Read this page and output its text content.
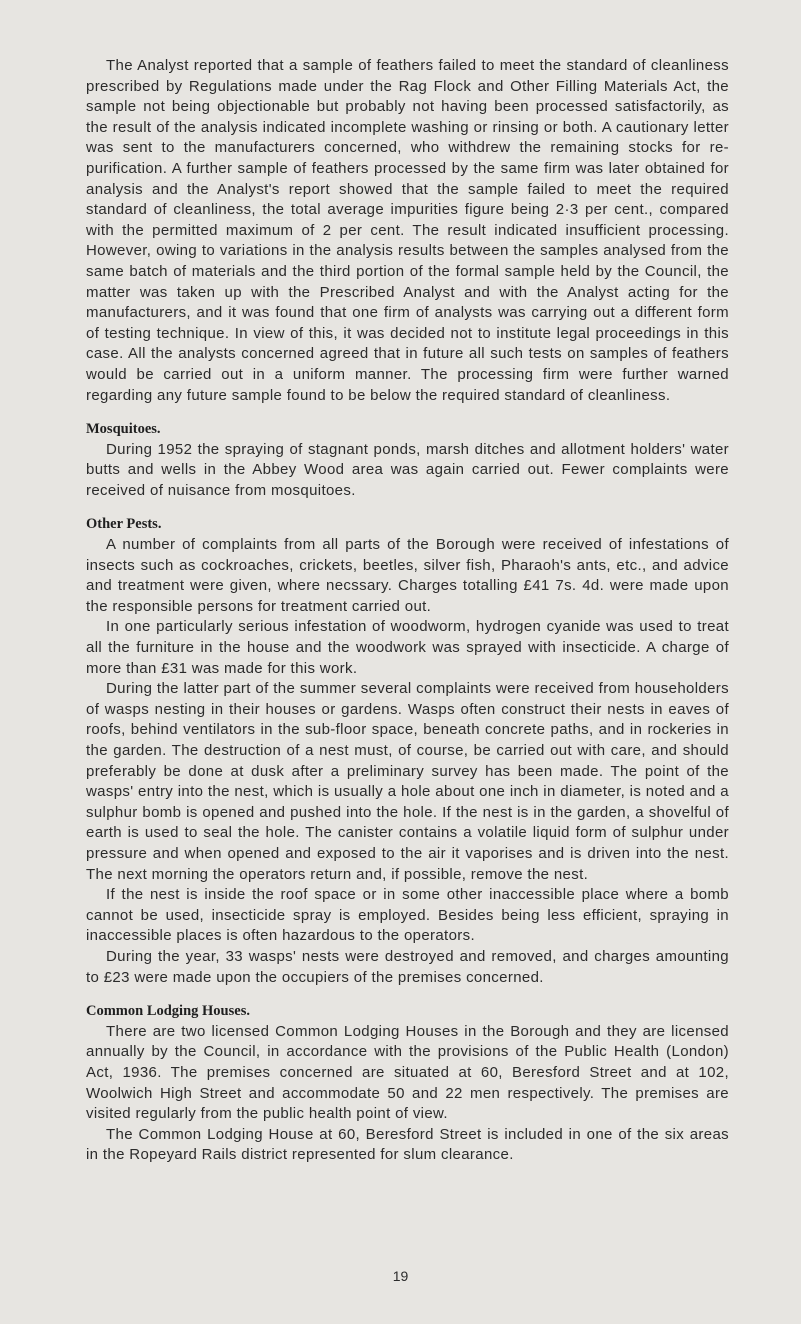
The Analyst reported that a sample of feathers failed to meet the standard of cleanliness prescribed by Regulations made under the Rag Flock and Other Filling Materials Act, the sample not being objectionable but probably not having been processed satisfactorily, as the result of the analysis indicated incomplete washing or rinsing or both. A cautionary letter was sent to the manufacturers concerned, who withdrew the remaining stocks for re-purification. A further sample of feathers processed by the same firm was later obtained for analysis and the Analyst's report showed that the sample failed to meet the required standard of cleanliness, the total average impurities figure being 2·3 per cent., compared with the permitted maximum of 2 per cent. The result indicated insufficient processing. However, owing to variations in the analysis results between the samples analysed from the same batch of materials and the third portion of the formal sample held by the Council, the matter was taken up with the Prescribed Analyst and with the Analyst acting for the manufacturers, and it was found that one firm of analysts was carrying out a different form of testing technique. In view of this, it was decided not to institute legal proceedings in this case. All the analysts concerned agreed that in future all such tests on samples of feathers would be carried out in a uniform manner. The processing firm were further warned regarding any future sample found to be below the required standard of cleanliness.

Mosquitoes.

During 1952 the spraying of stagnant ponds, marsh ditches and allotment holders' water butts and wells in the Abbey Wood area was again carried out. Fewer complaints were received of nuisance from mosquitoes.

Other Pests.

A number of complaints from all parts of the Borough were received of infestations of insects such as cockroaches, crickets, beetles, silver fish, Pharaoh's ants, etc., and advice and treatment were given, where necssary. Charges totalling £41 7s. 4d. were made upon the responsible persons for treatment carried out.

In one particularly serious infestation of woodworm, hydrogen cyanide was used to treat all the furniture in the house and the woodwork was sprayed with insecticide. A charge of more than £31 was made for this work.

During the latter part of the summer several complaints were received from householders of wasps nesting in their houses or gardens. Wasps often construct their nests in eaves of roofs, behind ventilators in the sub-floor space, beneath concrete paths, and in rockeries in the garden. The destruction of a nest must, of course, be carried out with care, and should preferably be done at dusk after a preliminary survey has been made. The point of the wasps' entry into the nest, which is usually a hole about one inch in diameter, is noted and a sulphur bomb is opened and pushed into the hole. If the nest is in the garden, a shovelful of earth is used to seal the hole. The canister contains a volatile liquid form of sulphur under pressure and when opened and exposed to the air it vaporises and is driven into the nest. The next morning the operators return and, if possible, remove the nest.

If the nest is inside the roof space or in some other inaccessible place where a bomb cannot be used, insecticide spray is employed. Besides being less efficient, spraying in inaccessible places is often hazardous to the operators.

During the year, 33 wasps' nests were destroyed and removed, and charges amounting to £23 were made upon the occupiers of the premises concerned.

Common Lodging Houses.

There are two licensed Common Lodging Houses in the Borough and they are licensed annually by the Council, in accordance with the provisions of the Public Health (London) Act, 1936. The premises concerned are situated at 60, Beresford Street and at 102, Woolwich High Street and accommodate 50 and 22 men respectively. The premises are visited regularly from the public health point of view.

The Common Lodging House at 60, Beresford Street is included in one of the six areas in the Ropeyard Rails district represented for slum clearance.

19
